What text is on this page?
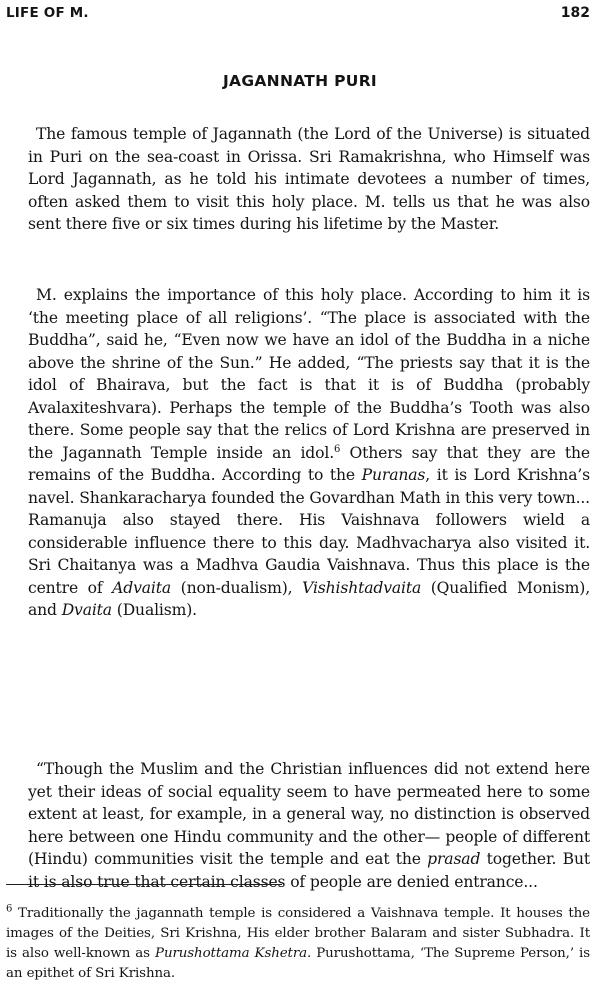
LIFE OF M.	182
JAGANNATH PURI

The famous temple of Jagannath (the Lord of the Universe) is situated in Puri on the sea-coast in Orissa. Sri Ramakrishna, who Himself was Lord Jagannath, as he told his intimate devotees a number of times, often asked them to visit this holy place. M. tells us that he was also sent there five or six times during his lifetime by the Master.

M. explains the importance of this holy place. According to him it is ‘the meeting place of all religions’. “The place is associated with the Buddha”, said he, “Even now we have an idol of the Buddha in a niche above the shrine of the Sun.” He added, “The priests say that it is the idol of Bhairava, but the fact is that it is of Buddha (probably Avalaxiteshvara). Perhaps the temple of the Buddha’s Tooth was also there. Some people say that the relics of Lord Krishna are preserved in the Jagannath Temple inside an idol.$^6$ Others say that they are the remains of the Buddha. According to the Puranas, it is Lord Krishna’s navel. Shankaracharya founded the Govardhan Math in this very town... Ramanuja also stayed there. His Vaishnava followers wield a considerable influence there to this day. Madhvacharya also visited it. Sri Chaitanya was a Madhva Gaudia Vaishnava. Thus this place is the centre of Advaita (non-dualism), Vishishtadvaita (Qualified Monism), and Dvaita (Dualism).

“Though the Muslim and the Christian influences did not extend here yet their ideas of social equality seem to have permeated here to some extent at least, for example, in a general way, no distinction is observed here between one Hindu community and the other— people of different (Hindu) communities visit the temple and eat the prasad together. But it is also true that certain classes of people are denied entrance...

$^6$ Traditionally the jagannath temple is considered a Vaishnava temple. It houses the images of the Deities, Sri Krishna, His elder brother Balaram and sister Subhadra. It is also well-known as Purushottama Kshetra. Purushottama, ‘The Supreme Person,’ is an epithet of Sri Krishna.
